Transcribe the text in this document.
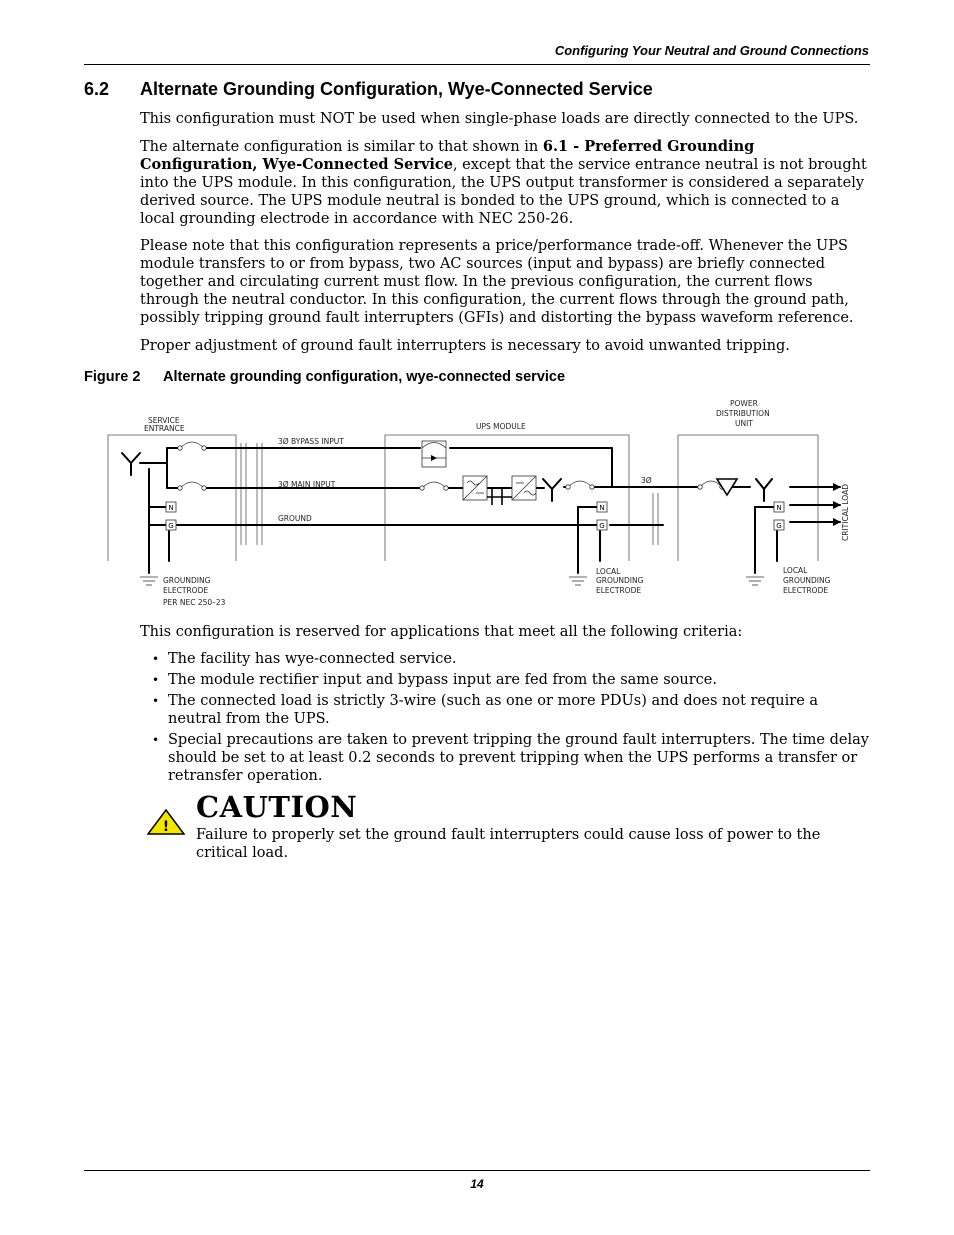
Configuring Your Neutral and Ground Connections
6.2 Alternate Grounding Configuration, Wye-Connected Service

This configuration must NOT be used when single-phase loads are directly connected to the UPS.

The alternate configuration is similar to that shown in 6.1 - Preferred Grounding Configuration, Wye-Connected Service, except that the service entrance neutral is not brought into the UPS module. In this configuration, the UPS output transformer is considered a separately derived source. The UPS module neutral is bonded to the UPS ground, which is connected to a local grounding electrode in accordance with NEC 250-26.

Please note that this configuration represents a price/performance trade-off. Whenever the UPS module transfers to or from bypass, two AC sources (input and bypass) are briefly connected together and circulating current must flow. In the previous configuration, the current flows through the neutral conductor. In this configuration, the current flows through the ground path, possibly tripping ground fault interrupters (GFIs) and distorting the bypass waveform reference.

Proper adjustment of ground fault interrupters is necessary to avoid unwanted tripping.

Figure 2 Alternate grounding configuration, wye-connected service
N
G
N
G
N
G
SERVICE
ENTRANCE	UPS MODULE
POWER
DISTRIBUTION
UNIT
3Ø BYPASS INPUT
3Ø MAIN INPUT
GROUND
3Ø
CRITICAL LOAD
GROUNDING
ELECTRODE
PER NEC 250–23
LOCAL
GROUNDING
ELECTRODE
LOCAL
GROUNDING
ELECTRODE

This configuration is reserved for applications that meet all the following criteria:

• The facility has wye-connected service.
• The module rectifier input and bypass input are fed from the same source.
• The connected load is strictly 3-wire (such as one or more PDUs) and does not require a neutral from the UPS.
• Special precautions are taken to prevent tripping the ground fault interrupters. The time delay should be set to at least 0.2 seconds to prevent tripping when the UPS performs a transfer or retransfer operation.
!
CAUTION

Failure to properly set the ground fault interrupters could cause loss of power to the critical load.

14
